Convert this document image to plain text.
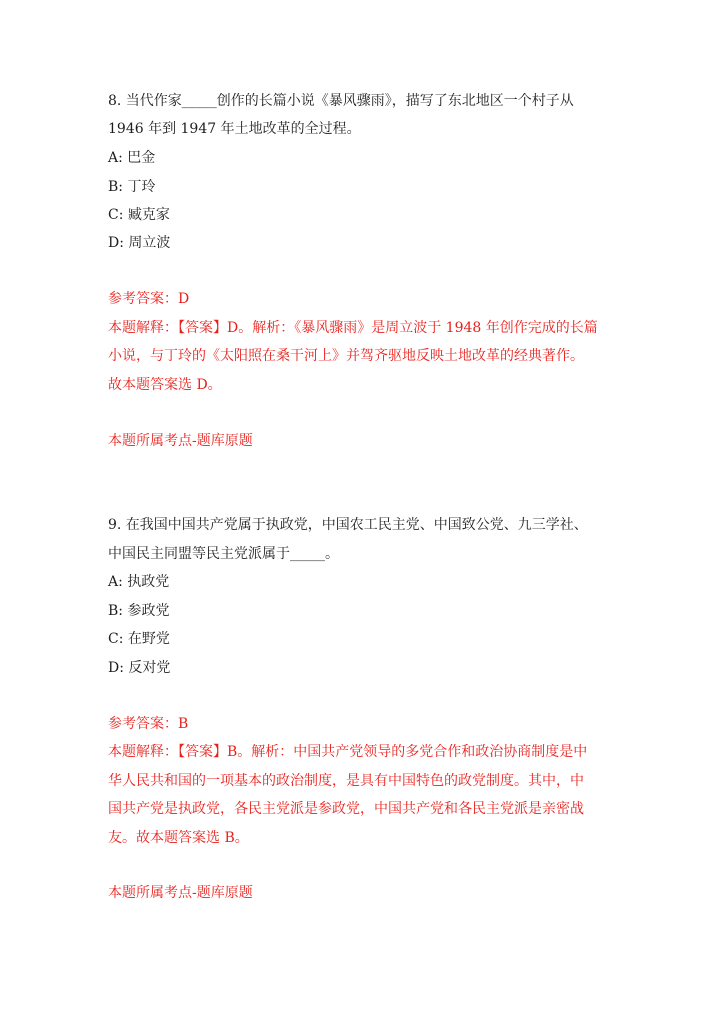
8. 当代作家_____创作的长篇小说《暴风骤雨》，描写了东北地区一个村子从
1946 年到 1947 年土地改革的全过程。
A: 巴金
B: 丁玲
C: 臧克家
D: 周立波
参考答案：D
本题解释：【答案】D。解析：《暴风骤雨》是周立波于 1948 年创作完成的长篇
小说，与丁玲的《太阳照在桑干河上》并驾齐驱地反映土地改革的经典著作。
故本题答案选 D。
本题所属考点-题库原题
9. 在我国中国共产党属于执政党，中国农工民主党、中国致公党、九三学社、
中国民主同盟等民主党派属于_____。
A: 执政党
B: 参政党
C: 在野党
D: 反对党
参考答案：B
本题解释：【答案】B。解析：中国共产党领导的多党合作和政治协商制度是中
华人民共和国的一项基本的政治制度，是具有中国特色的政党制度。其中，中
国共产党是执政党，各民主党派是参政党，中国共产党和各民主党派是亲密战
友。故本题答案选 B。
本题所属考点-题库原题
